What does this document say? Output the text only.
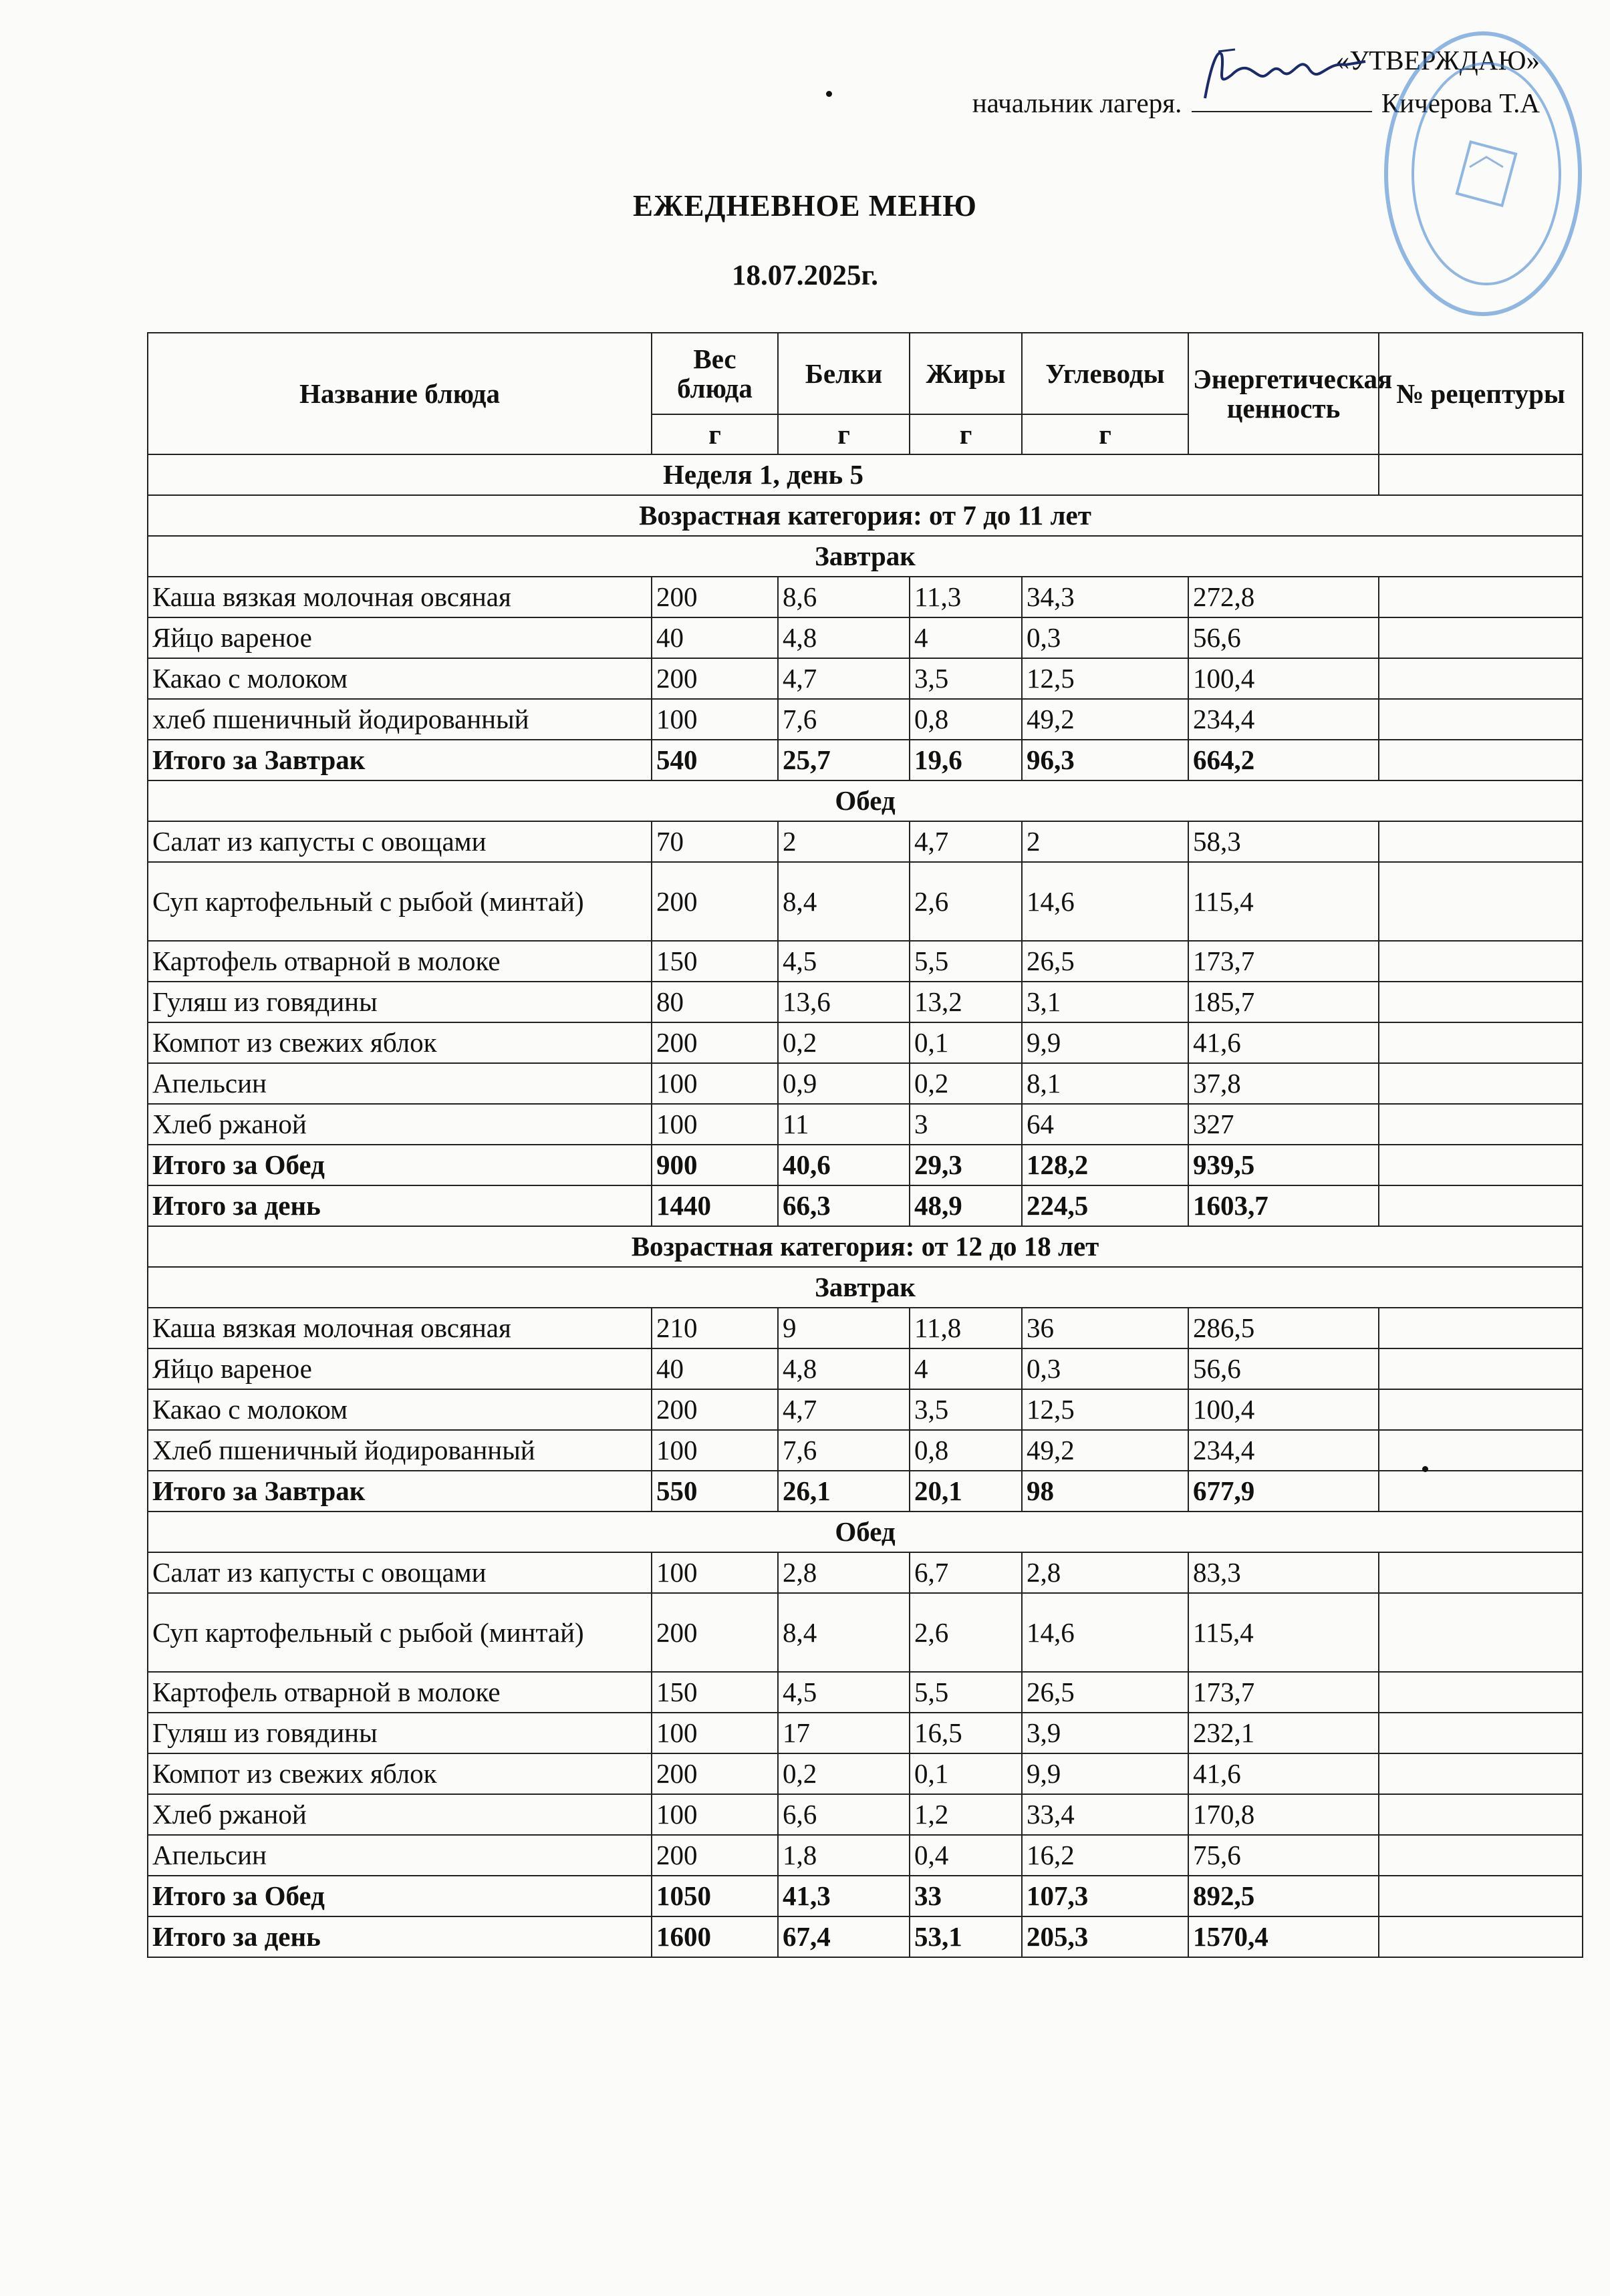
«УТВЕРЖДАЮ»
начальник лагеря.	Кичерова Т.А
ЕЖЕДНЕВНОЕ МЕНЮ
18.07.2025г.
Название блюда	Вес блюда	Белки	Жиры	Углеводы	Энергетическая ценность	№ рецептуры
	г	г	г	г		
Неделя 1, день 5						
Возрастная категория: от 7 до 11 лет						
Завтрак						
Каша вязкая молочная овсяная	200	8,6	11,3	34,3	272,8	
Яйцо вареное	40	4,8	4	0,3	56,6	
Какао с молоком	200	4,7	3,5	12,5	100,4	
хлеб пшеничный йодированный	100	7,6	0,8	49,2	234,4	
Итого за Завтрак	540	25,7	19,6	96,3	664,2	
Обед						
Салат из капусты с овощами	70	2	4,7	2	58,3	
Суп картофельный с рыбой (минтай)	200	8,4	2,6	14,6	115,4	
Картофель отварной в молоке	150	4,5	5,5	26,5	173,7	
Гуляш из говядины	80	13,6	13,2	3,1	185,7	
Компот из свежих яблок	200	0,2	0,1	9,9	41,6	
Апельсин	100	0,9	0,2	8,1	37,8	
Хлеб ржаной	100	11	3	64	327	
Итого за Обед	900	40,6	29,3	128,2	939,5	
Итого за день	1440	66,3	48,9	224,5	1603,7	
Возрастная категория: от 12 до 18 лет						
Завтрак						
Каша вязкая молочная овсяная	210	9	11,8	36	286,5	
Яйцо вареное	40	4,8	4	0,3	56,6	
Какао с молоком	200	4,7	3,5	12,5	100,4	
Хлеб пшеничный йодированный	100	7,6	0,8	49,2	234,4	
Итого за Завтрак	550	26,1	20,1	98	677,9	
Обед						
Салат из капусты с овощами	100	2,8	6,7	2,8	83,3	
Суп картофельный с рыбой (минтай)	200	8,4	2,6	14,6	115,4	
Картофель отварной в молоке	150	4,5	5,5	26,5	173,7	
Гуляш из говядины	100	17	16,5	3,9	232,1	
Компот из свежих яблок	200	0,2	0,1	9,9	41,6	
Хлеб ржаной	100	6,6	1,2	33,4	170,8	
Апельсин	200	1,8	0,4	16,2	75,6	
Итого за Обед	1050	41,3	33	107,3	892,5	
Итого за день	1600	67,4	53,1	205,3	1570,4	
